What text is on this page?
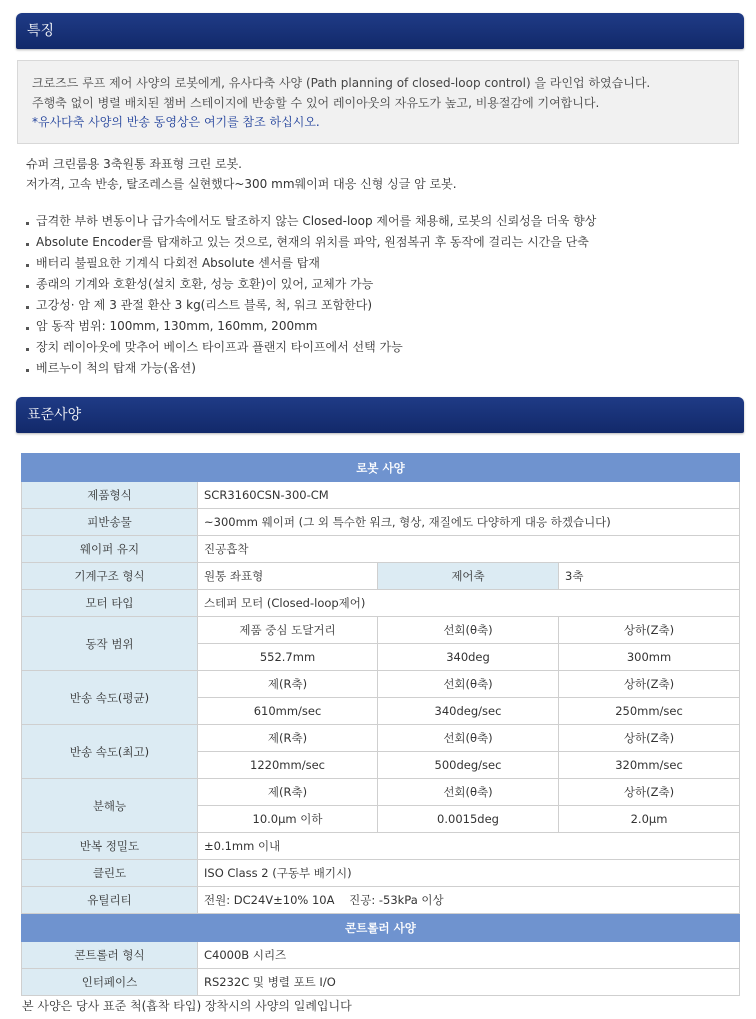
특징
크로즈드 루프 제어 사양의 로봇에게, 유사다축 사양 (Path planning of closed-loop control) 을 라인업 하였습니다.
주행축 없이 병렬 배치된 챔버 스테이지에 반송할 수 있어 레이아웃의 자유도가 높고, 비용절감에 기여합니다.
*유사다축 사양의 반송 동영상은 여기를 참조 하십시오.
슈퍼 크린룸용 3축원통 좌표형 크린 로봇.
저가격, 고속 반송, 탈조레스를 실현했다~300 mm웨이퍼 대응 신형 싱글 암 로봇.
급격한 부하 변동이나 급가속에서도 탈조하지 않는 Closed-loop 제어를 채용해, 로봇의 신뢰성을 더욱 향상
Absolute Encoder를 탑재하고 있는 것으로, 현재의 위치를 파악, 원점복귀 후 동작에 걸리는 시간을 단축
배터리 불필요한 기계식 다회전 Absolute 센서를 탑재
종래의 기계와 호환성(설치 호환, 성능 호환)이 있어, 교체가 가능
고강성· 암 제 3 관절 환산 3 kg(리스트 블록, 척, 워크 포함한다)
암 동작 범위: 100mm, 130mm, 160mm, 200mm
장치 레이아웃에 맞추어 베이스 타이프과 플랜지 타이프에서 선택 가능
베르누이 척의 탑재 가능(옵션)
표준사양
로봇 사양			
제품형식	SCR3160CSN-300-CM		
피반송물	~300mm 웨이퍼 (그 외 특수한 워크, 형상, 재질에도 다양하게 대응 하겠습니다)		
웨이퍼 유지	진공흡착		
기계구조 형식	원통 좌표형	제어축	3축
모터 타입	스테퍼 모터 (Closed-loop제어)		
동작 범위	제품 중심 도달거리	선회(θ축)	상하(Z축)
	552.7mm	340deg	300mm
반송 속도(평균)	제(R축)	선회(θ축)	상하(Z축)
	610mm/sec	340deg/sec	250mm/sec
반송 속도(최고)	제(R축)	선회(θ축)	상하(Z축)
	1220mm/sec	500deg/sec	320mm/sec
분해능	제(R축)	선회(θ축)	상하(Z축)
	10.0μm 이하	0.0015deg	2.0μm
반복 정밀도	±0.1mm 이내		
클린도	ISO Class 2 (구동부 배기시)		
유틸리티	전원: DC24V±10% 10A    진공: -53kPa 이상		
콘트롤러 사양			
콘트롤러 형식	C4000B 시리즈		
인터페이스	RS232C 및 병렬 포트 I/O		
본 사양은 당사 표준 척(흡착 타입) 장착시의 사양의 일례입니다
